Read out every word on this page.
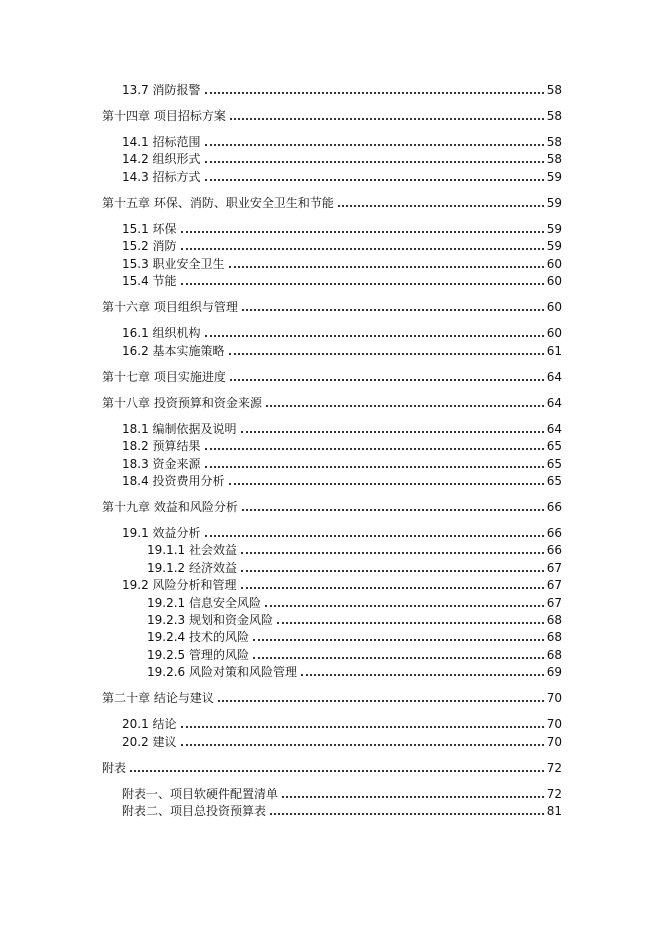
13.7 消防报警	58
第十四章 项目招标方案	58
14.1 招标范围	58
14.2 组织形式	58
14.3 招标方式	59
第十五章 环保、消防、职业安全卫生和节能	59
15.1 环保	59
15.2 消防	59
15.3 职业安全卫生	60
15.4 节能	60
第十六章 项目组织与管理	60
16.1 组织机构	60
16.2 基本实施策略	61
第十七章 项目实施进度	64
第十八章 投资预算和资金来源	64
18.1 编制依据及说明	64
18.2 预算结果	65
18.3 资金来源	65
18.4 投资费用分析	65
第十九章 效益和风险分析	66
19.1 效益分析	66
19.1.1 社会效益	66
19.1.2 经济效益	67
19.2 风险分析和管理	67
19.2.1 信息安全风险	67
19.2.3 规划和资金风险	68
19.2.4 技术的风险	68
19.2.5 管理的风险	68
19.2.6 风险对策和风险管理	69
第二十章 结论与建议	70
20.1 结论	70
20.2 建议	70
附表	72
附表一、项目软硬件配置清单	72
附表二、项目总投资预算表	81
